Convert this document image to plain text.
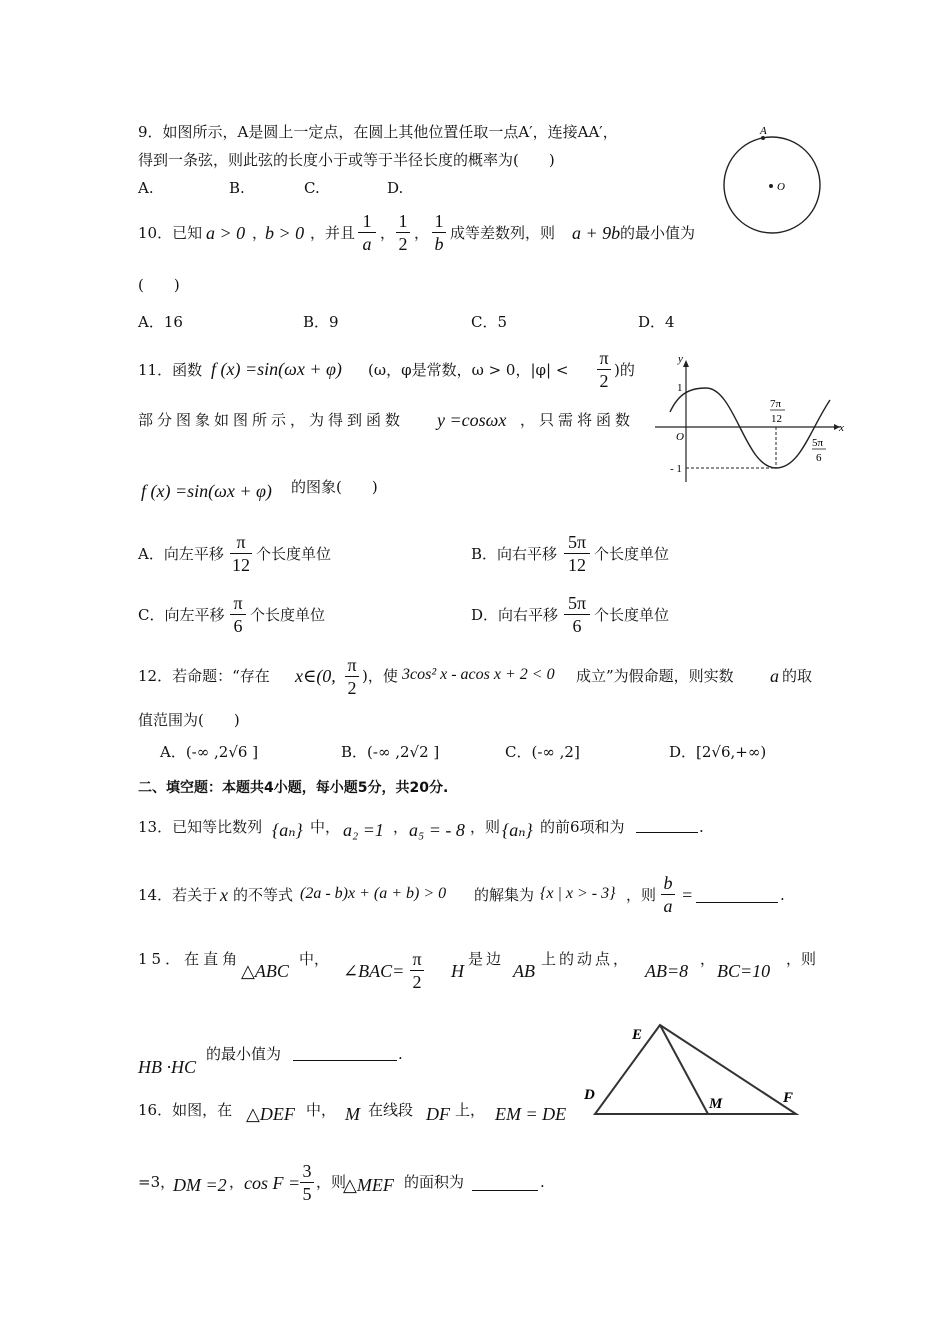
9．如图所示，A是圆上一定点，在圆上其他位置任取一点A′，连接AA′，
得到一条弦，则此弦的长度小于或等于半径长度的概率为(　　)
A.	B.	C.	D.
A
O
10．已知 a > 0 ，
b > 0 ，并且
1
a
，
1
2
，
1
b
成等差数列，则 a + 9b 的最小值为
(　　)
A．16	B．9	C．5	D．4
11．函数 f (x) =sin(ωx + φ) (ω，φ是常数，ω > 0，|φ| <
π
2
)的
部分图象如图所示，为得到函数 y =cosωx ，只需将函数
f (x) =sin(ωx + φ) 的图象(　　)
y
x
1
- 1
O
7π
12
5π
6
A．向左平移
π
12
个长度单位	B．向右平移
5π
12
个长度单位
C．向左平移
π
6
个长度单位	D．向右平移
5π
6
个长度单位
12．若命题：“存在 x∈(0,
π
2
)，使 3cos² x - acos x + 2 < 0 成立”为假命题，则实数 a 的取
值范围为(　　)
A．(-∞ ,2√6 ]	B．(-∞ ,2√2 ]	C．(-∞ ,2]	D．[2√6,+∞)
二、填空题：本题共4小题，每小题5分，共20分.
13．已知等比数列 {aₙ} 中， a₂ =1 ， a₅ = - 8 ，则 {aₙ} 的前6项和为	.
14．若关于 x 的不等式 (2a - b)x + (a + b) > 0 的解集为 {x | x > - 3} ，则
b
a
=	.
15．在直角
△ABC
中，
∠BAC=
π
2
H
是边
AB
上的动点，
AB=8
，
BC=10
，则
HB ·HC
的最小值为	.
E
D
M	F
16．如图，在 △DEF 中， M 在线段 DF 上， EM = DE
=3，
DM =2 ， cos F =
3
5
，则
△MEF 的面积为	.
